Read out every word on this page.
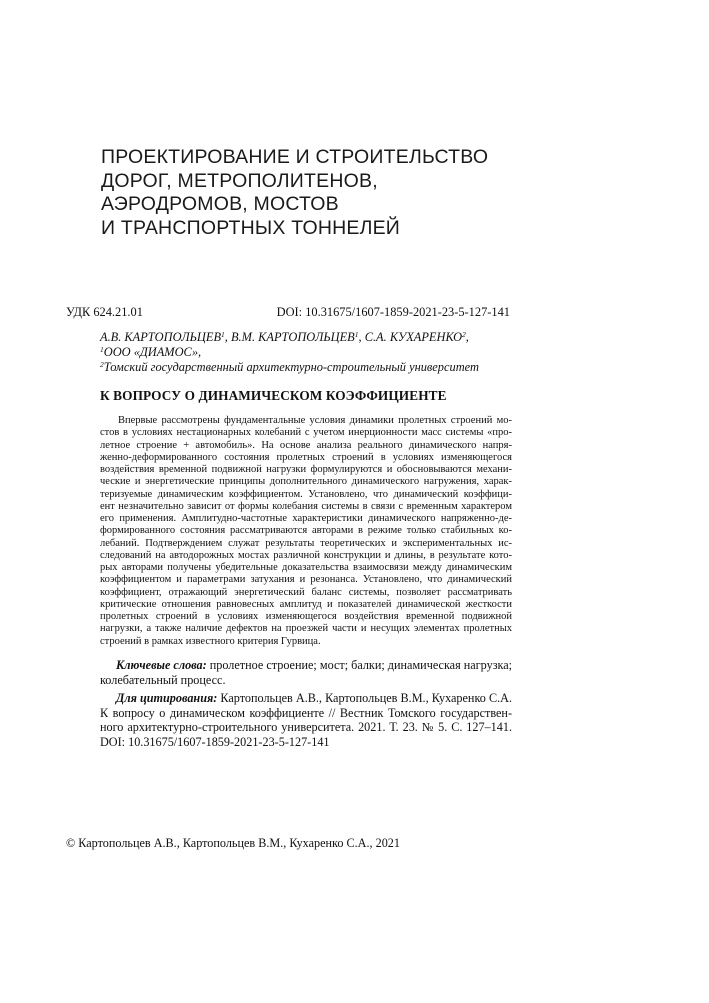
ПРОЕКТИРОВАНИЕ И СТРОИТЕЛЬСТВО
ДОРОГ, МЕТРОПОЛИТЕНОВ,
АЭРОДРОМОВ, МОСТОВ
И ТРАНСПОРТНЫХ ТОННЕЛЕЙ
УДК 624.21.01	DOI: 10.31675/1607-1859-2021-23-5-127-141
А.В. КАРТОПОЛЬЦЕВ$^1$, В.М. КАРТОПОЛЬЦЕВ$^1$, С.А. КУХАРЕНКО$^2$,
$^1$ООО «ДИАМОС»,
$^2$Томский государственный архитектурно-строительный университет
К ВОПРОСУ О ДИНАМИЧЕСКОМ КОЭФФИЦИЕНТЕ
Впервые рассмотрены фундаментальные условия динамики пролетных строений мо-
стов в условиях нестационарных колебаний с учетом инерционности масс системы «про-
летное строение + автомобиль». На основе анализа реального динамического напря-
женно-деформированного состояния пролетных строений в условиях изменяющегося
воздействия временной подвижной нагрузки формулируются и обосновываются механи-
ческие и энергетические принципы дополнительного динамического нагружения, харак-
теризуемые динамическим коэффициентом. Установлено, что динамический коэффици-
ент незначительно зависит от формы колебания системы в связи с временным характером
его применения. Амплитудно-частотные характеристики динамического напряженно-де-
формированного состояния рассматриваются авторами в режиме только стабильных ко-
лебаний. Подтверждением служат результаты теоретических и экспериментальных ис-
следований на автодорожных мостах различной конструкции и длины, в результате кото-
рых авторами получены убедительные доказательства взаимосвязи между динамическим
коэффициентом и параметрами затухания и резонанса. Установлено, что динамический
коэффициент, отражающий энергетический баланс системы, позволяет рассматривать
критические отношения равновесных амплитуд и показателей динамической жесткости
пролетных строений в условиях изменяющегося воздействия временной подвижной
нагрузки, а также наличие дефектов на проезжей части и несущих элементах пролетных
строений в рамках известного критерия Гурвица.
Ключевые слова: пролетное строение; мост; балки; динамическая нагрузка;
колебательный процесс.
Для цитирования: Картопольцев А.В., Картопольцев В.М., Кухаренко С.А.
К вопросу о динамическом коэффициенте // Вестник Томского государствен-
ного архитектурно-строительного университета. 2021. Т. 23. № 5. С. 127–141.
DOI: 10.31675/1607-1859-2021-23-5-127-141
© Картопольцев А.В., Картопольцев В.М., Кухаренко С.А., 2021
